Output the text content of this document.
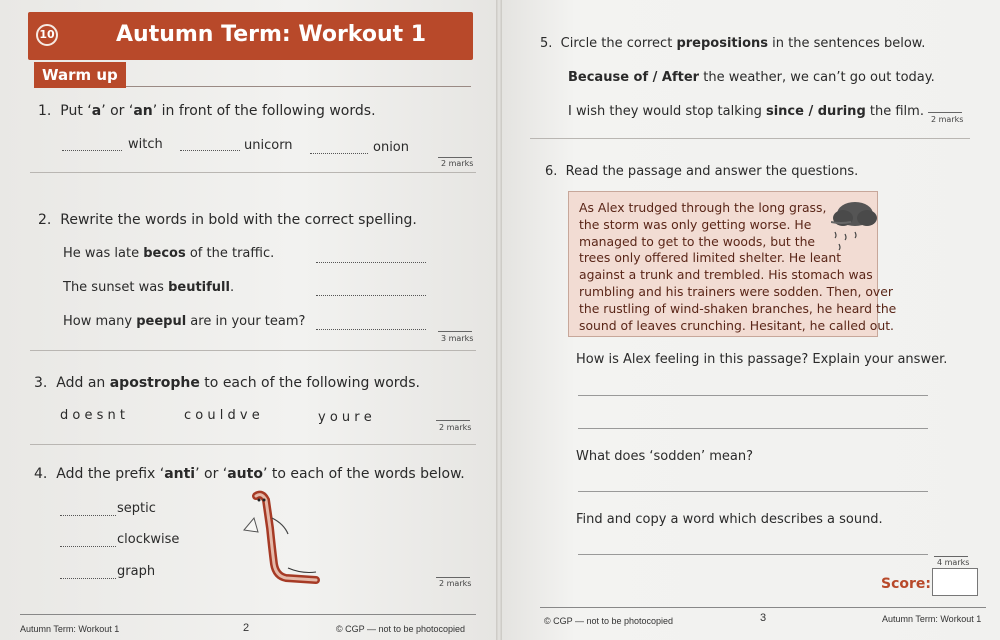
10	Autumn Term: Workout 1
Warm up
1. Put ‘a’ or ‘an’ in front of the following words.
witch	unicorn	onion
2 marks
2. Rewrite the words in bold with the correct spelling.
He was late becos of the traffic.
The sunset was beutifull.
How many peepul are in your team?
3 marks
3. Add an apostrophe to each of the following words.
d o e s n t	c o u l d v e	y o u r e
2 marks
4. Add the prefix ‘anti’ or ‘auto’ to each of the words below.
septic
clockwise
graph
2 marks
Autumn Term: Workout 1	2	© CGP — not to be photocopied
5. Circle the correct prepositions in the sentences below.
Because of / After the weather, we can’t go out today.
I wish they would stop talking since / during the film.
2 marks
6. Read the passage and answer the questions.
As Alex trudged through the long grass,
the storm was only getting worse. He
managed to get to the woods, but the
trees only offered limited shelter. He leant
against a trunk and trembled. His stomach was
rumbling and his trainers were sodden. Then, over
the rustling of wind-shaken branches, he heard the
sound of leaves crunching. Hesitant, he called out.
How is Alex feeling in this passage? Explain your answer.
What does ‘sodden’ mean?
Find and copy a word which describes a sound.
4 marks
Score:
© CGP — not to be photocopied	3	Autumn Term: Workout 1
